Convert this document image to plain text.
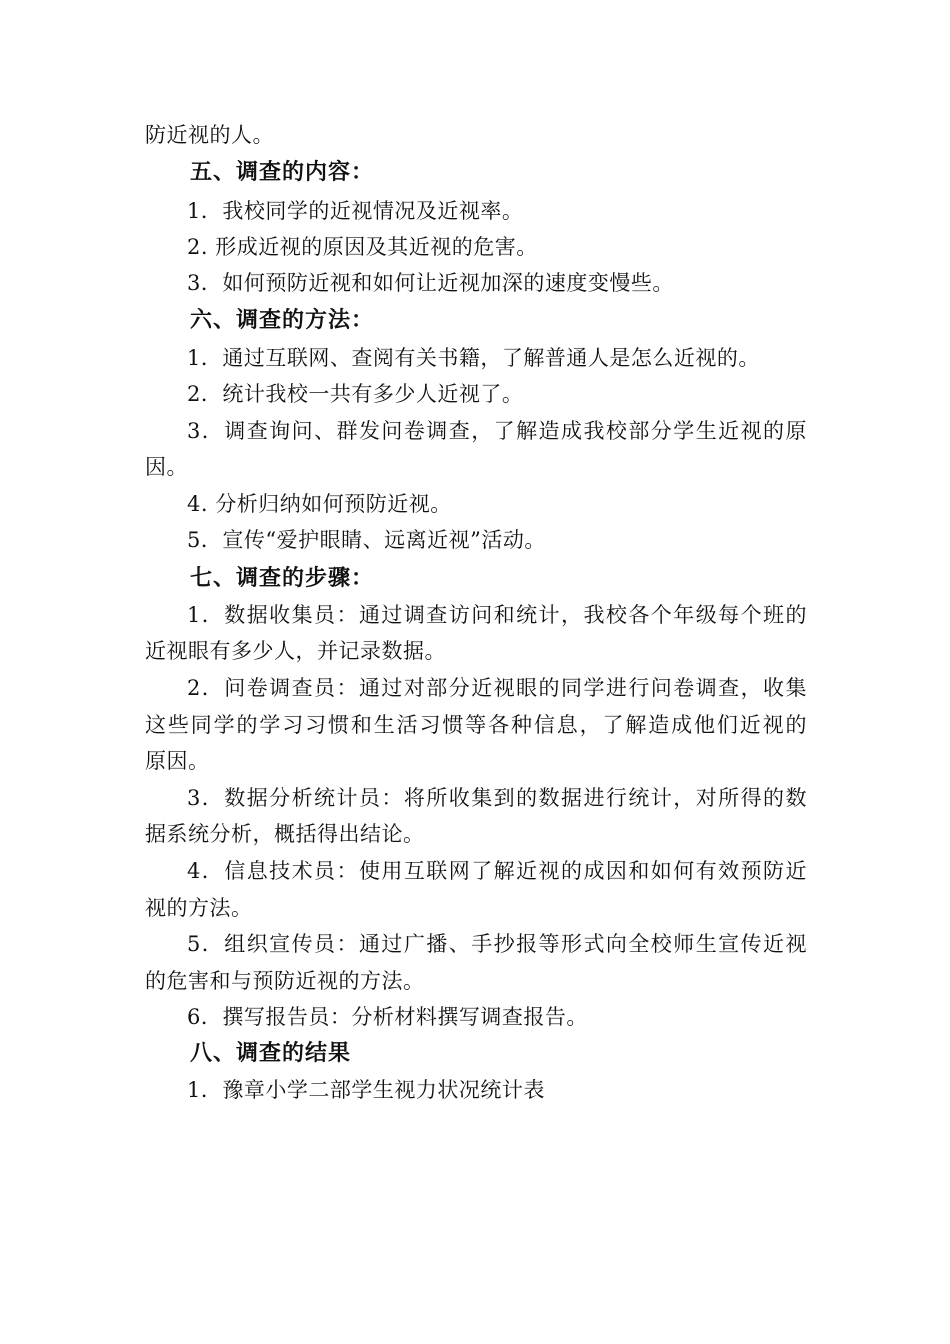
防近视的人。
五、调查的内容：
1．我校同学的近视情况及近视率。
2. 形成近视的原因及其近视的危害。
3．如何预防近视和如何让近视加深的速度变慢些。
六、调查的方法：
1．通过互联网、查阅有关书籍，了解普通人是怎么近视的。
2．统计我校一共有多少人近视了。
3．调查询问、群发问卷调查，了解造成我校部分学生近视的原
因。
4. 分析归纳如何预防近视。
5．宣传“爱护眼睛、远离近视”活动。
七、调查的步骤：
1．数据收集员：通过调查访问和统计，我校各个年级每个班的
近视眼有多少人，并记录数据。
2．问卷调查员：通过对部分近视眼的同学进行问卷调查，收集
这些同学的学习习惯和生活习惯等各种信息，了解造成他们近视的
原因。
3．数据分析统计员：将所收集到的数据进行统计，对所得的数
据系统分析，概括得出结论。
4．信息技术员：使用互联网了解近视的成因和如何有效预防近
视的方法。
5．组织宣传员：通过广播、手抄报等形式向全校师生宣传近视
的危害和与预防近视的方法。
6．撰写报告员：分析材料撰写调查报告。
八、调查的结果
1．豫章小学二部学生视力状况统计表
